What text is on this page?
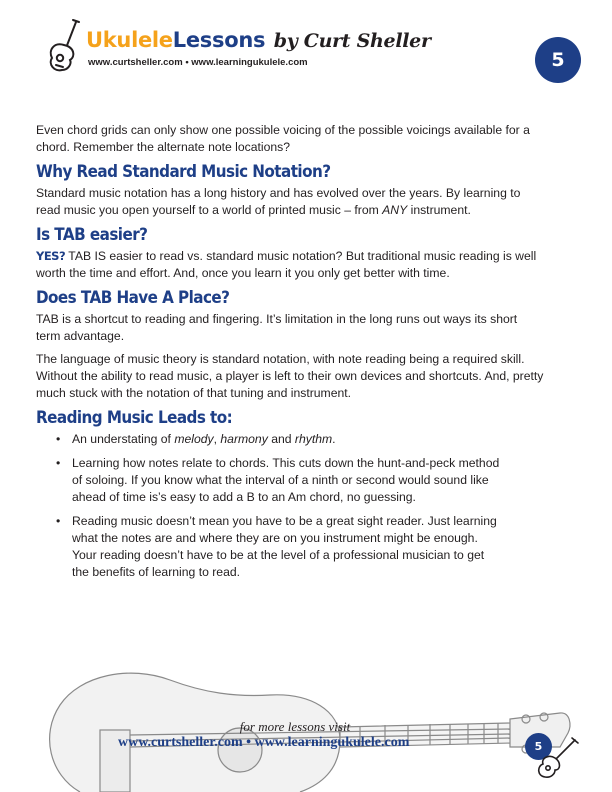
UkuleleLessons by Curt Sheller
www.curtsheller.com • www.learningukulele.com	5

Even chord grids can only show one possible voicing of the possible voicings available for a chord. Remember the alternate note locations?

Why Read Standard Music Notation?

Standard music notation has a long history and has evolved over the years. By learning to read music you open yourself to a world of printed music – from ANY instrument.

Is TAB easier?

YES? TAB IS easier to read vs. standard music notation? But traditional music reading is well worth the time and effort. And, once you learn it you only get better with time.

Does TAB Have A Place?

TAB is a shortcut to reading and fingering. It’s limitation in the long runs out ways its short term advantage.

The language of music theory is standard notation, with note reading being a required skill. Without the ability to read music, a player is left to their own devices and shortcuts. And, pretty much stuck with the notation of that tuning and instrument.

Reading Music Leads to:
• An understating of melody, harmony and rhythm.
• Learning how notes relate to chords. This cuts down the hunt-and-peck method of soloing. If you know what the interval of a ninth or second would sound like ahead of time is’s easy to add a B to an Am chord, no guessing.
• Reading music doesn’t mean you have to be a great sight reader. Just learning what the notes are and where they are on you instrument might be enough. Your reading doesn’t have to be at the level of a professional musician to get the benefits of learning to read.
for more lessons visit
www.curtsheller.com • www.learningukulele.com	5
